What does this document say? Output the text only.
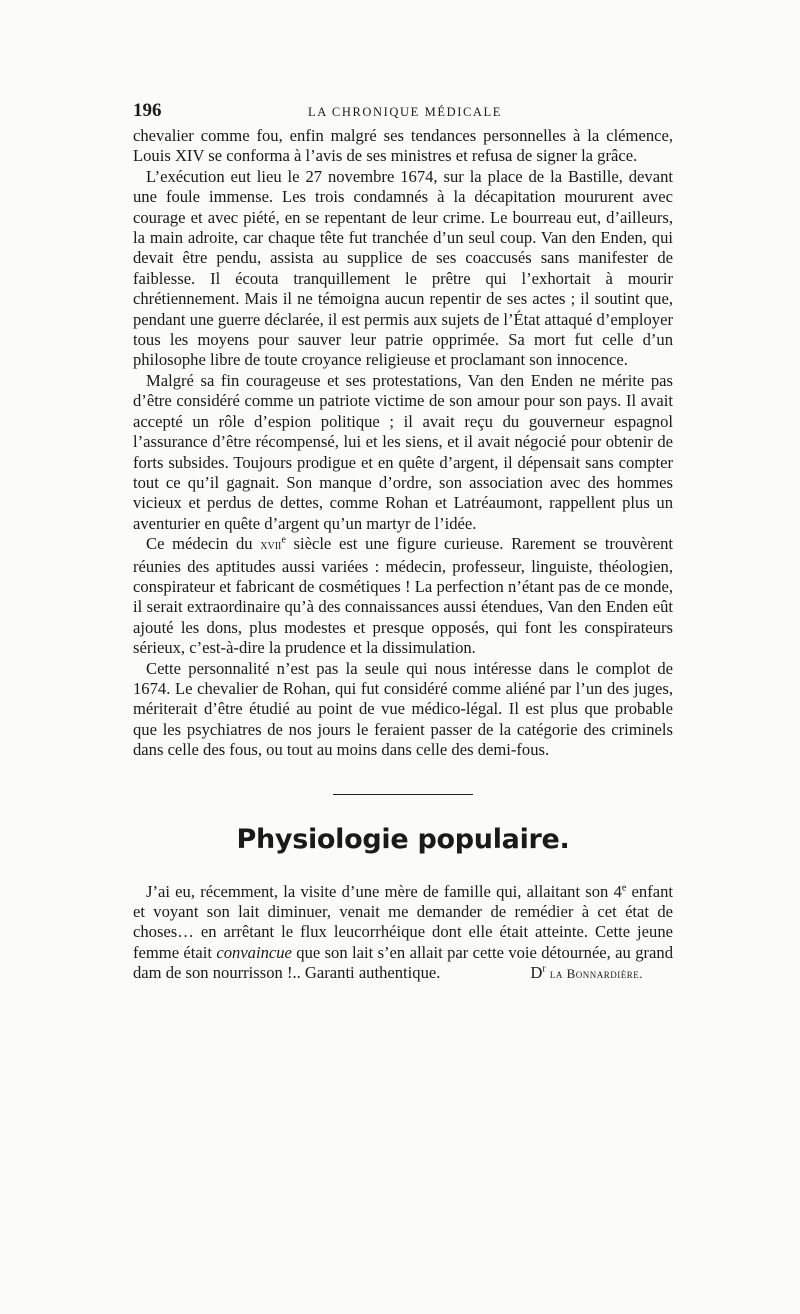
196	LA CHRONIQUE MÉDICALE

chevalier comme fou, enfin malgré ses tendances personnelles à la clémence, Louis XIV se conforma à l’avis de ses ministres et refusa de signer la grâce.

L’exécution eut lieu le 27 novembre 1674, sur la place de la Bastille, devant une foule immense. Les trois condamnés à la décapitation moururent avec courage et avec piété, en se repentant de leur crime. Le bourreau eut, d’ailleurs, la main adroite, car chaque tête fut tranchée d’un seul coup. Van den Enden, qui devait être pendu, assista au supplice de ses coaccusés sans manifester de faiblesse. Il écouta tranquillement le prêtre qui l’exhortait à mourir chrétiennement. Mais il ne témoigna aucun repentir de ses actes ; il soutint que, pendant une guerre déclarée, il est permis aux sujets de l’État attaqué d’employer tous les moyens pour sauver leur patrie opprimée. Sa mort fut celle d’un philosophe libre de toute croyance religieuse et proclamant son innocence.

Malgré sa fin courageuse et ses protestations, Van den Enden ne mérite pas d’être considéré comme un patriote victime de son amour pour son pays. Il avait accepté un rôle d’espion politique ; il avait reçu du gouverneur espagnol l’assurance d’être récompensé, lui et les siens, et il avait négocié pour obtenir de forts subsides. Toujours prodigue et en quête d’argent, il dépensait sans compter tout ce qu’il gagnait. Son manque d’ordre, son association avec des hommes vicieux et perdus de dettes, comme Rohan et Latréaumont, rappellent plus un aventurier en quête d’argent qu’un martyr de l’idée.

Ce médecin du xvii$^e$ siècle est une figure curieuse. Rarement se trouvèrent réunies des aptitudes aussi variées : médecin, professeur, linguiste, théologien, conspirateur et fabricant de cosmétiques ! La perfection n’étant pas de ce monde, il serait extraordinaire qu’à des connaissances aussi étendues, Van den Enden eût ajouté les dons, plus modestes et presque opposés, qui font les conspirateurs sérieux, c’est-à-dire la prudence et la dissimulation.

Cette personnalité n’est pas la seule qui nous intéresse dans le complot de 1674. Le chevalier de Rohan, qui fut considéré comme aliéné par l’un des juges, mériterait d’être étudié au point de vue médico-légal. Il est plus que probable que les psychiatres de nos jours le feraient passer de la catégorie des criminels dans celle des fous, ou tout au moins dans celle des demi-fous.

Physiologie populaire.

J’ai eu, récemment, la visite d’une mère de famille qui, allaitant son 4e enfant et voyant son lait diminuer, venait me demander de remédier à cet état de choses… en arrêtant le flux leucorrhéique dont elle était atteinte. Cette jeune femme était convaincue que son lait s’en allait par cette voie détournée, au grand dam de son nourrisson !.. Garanti authentique.	$D^r$ la Bonnardière.
